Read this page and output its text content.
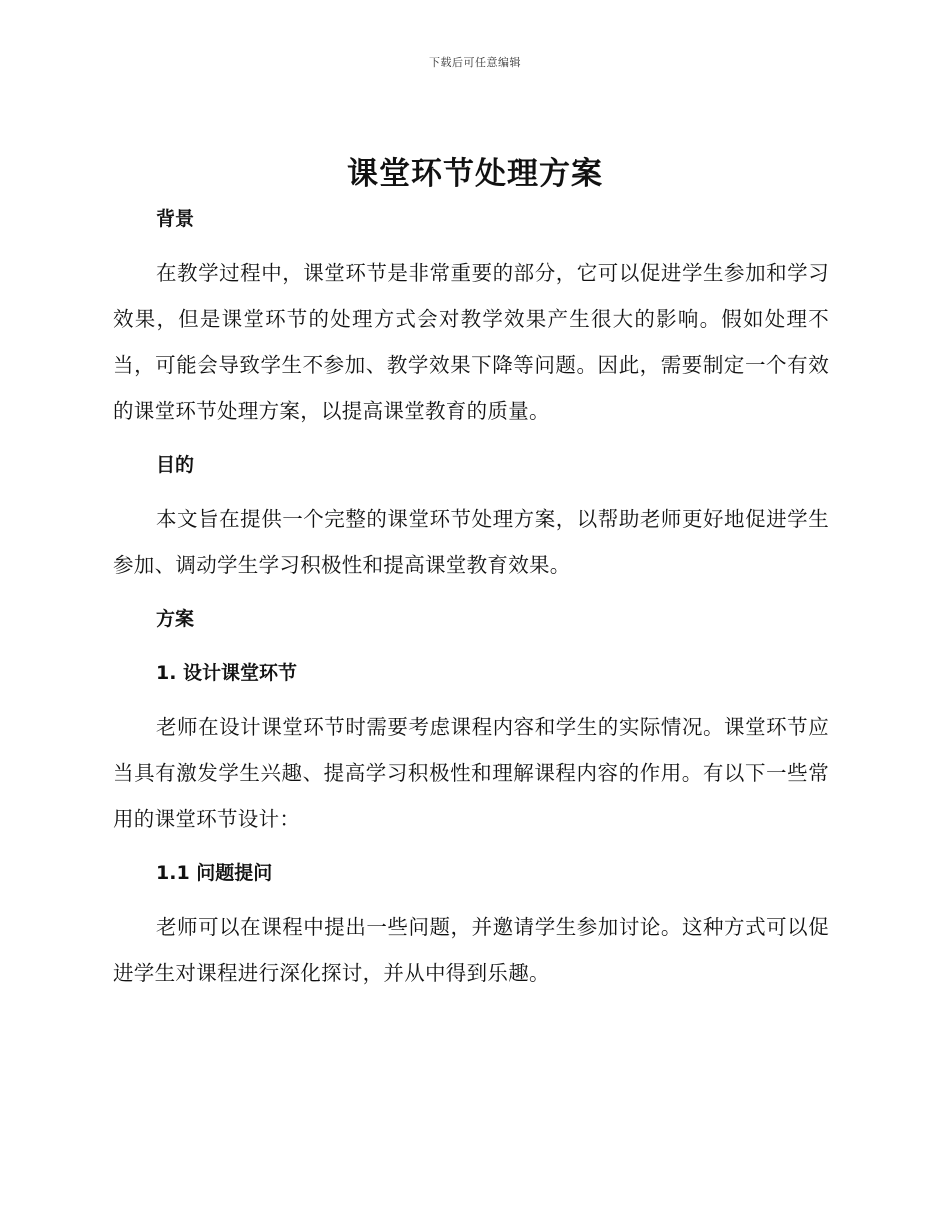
下载后可任意编辑
课堂环节处理方案
背景

在教学过程中，课堂环节是非常重要的部分，它可以促进学生参加和学习效果，但是课堂环节的处理方式会对教学效果产生很大的影响。假如处理不当，可能会导致学生不参加、教学效果下降等问题。因此，需要制定一个有效的课堂环节处理方案，以提高课堂教育的质量。

目的

本文旨在提供一个完整的课堂环节处理方案，以帮助老师更好地促进学生参加、调动学生学习积极性和提高课堂教育效果。

方案
1. 设计课堂环节

老师在设计课堂环节时需要考虑课程内容和学生的实际情况。课堂环节应当具有激发学生兴趣、提高学习积极性和理解课程内容的作用。有以下一些常用的课堂环节设计：

1.1 问题提问

老师可以在课程中提出一些问题，并邀请学生参加讨论。这种方式可以促进学生对课程进行深化探讨，并从中得到乐趣。
